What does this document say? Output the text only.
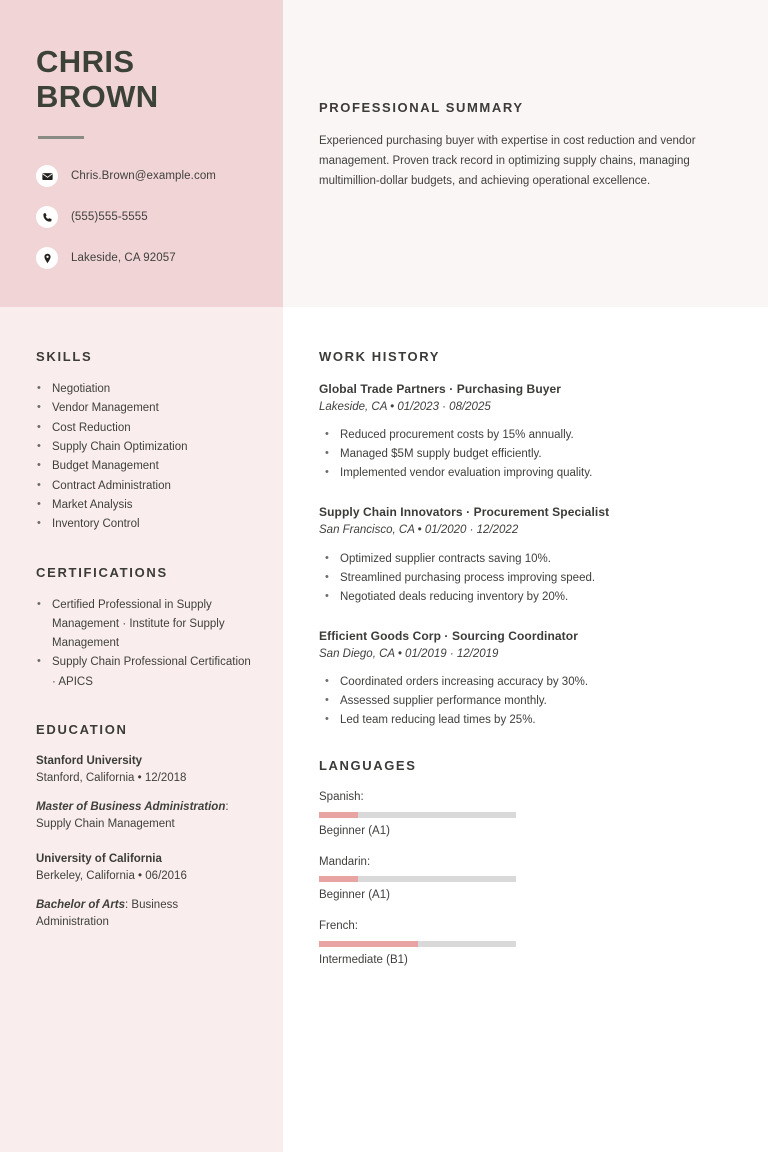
CHRIS
BROWN
Chris.Brown@example.com
(555)555-5555
Lakeside, CA 92057
SKILLS
• Negotiation
• Vendor Management
• Cost Reduction
• Supply Chain Optimization
• Budget Management
• Contract Administration
• Market Analysis
• Inventory Control
CERTIFICATIONS
• Certified Professional in Supply Management · Institute for Supply Management
• Supply Chain Professional Certification · APICS
EDUCATION
Stanford University
Stanford, California • 12/2018
Master of Business Administration: Supply Chain Management
University of California
Berkeley, California • 06/2016
Bachelor of Arts: Business Administration
PROFESSIONAL SUMMARY

Experienced purchasing buyer with expertise in cost reduction and vendor management. Proven track record in optimizing supply chains, managing multimillion-dollar budgets, and achieving operational excellence.

WORK HISTORY
Global Trade Partners · Purchasing Buyer
Lakeside, CA • 01/2023 · 08/2025
• Reduced procurement costs by 15% annually.
• Managed $5M supply budget efficiently.
• Implemented vendor evaluation improving quality.
Supply Chain Innovators · Procurement Specialist
San Francisco, CA • 01/2020 · 12/2022
• Optimized supplier contracts saving 10%.
• Streamlined purchasing process improving speed.
• Negotiated deals reducing inventory by 20%.
Efficient Goods Corp · Sourcing Coordinator
San Diego, CA • 01/2019 · 12/2019
• Coordinated orders increasing accuracy by 30%.
• Assessed supplier performance monthly.
• Led team reducing lead times by 25%.
LANGUAGES
Spanish:
Beginner (A1)
Mandarin:
Beginner (A1)
French:
Intermediate (B1)
